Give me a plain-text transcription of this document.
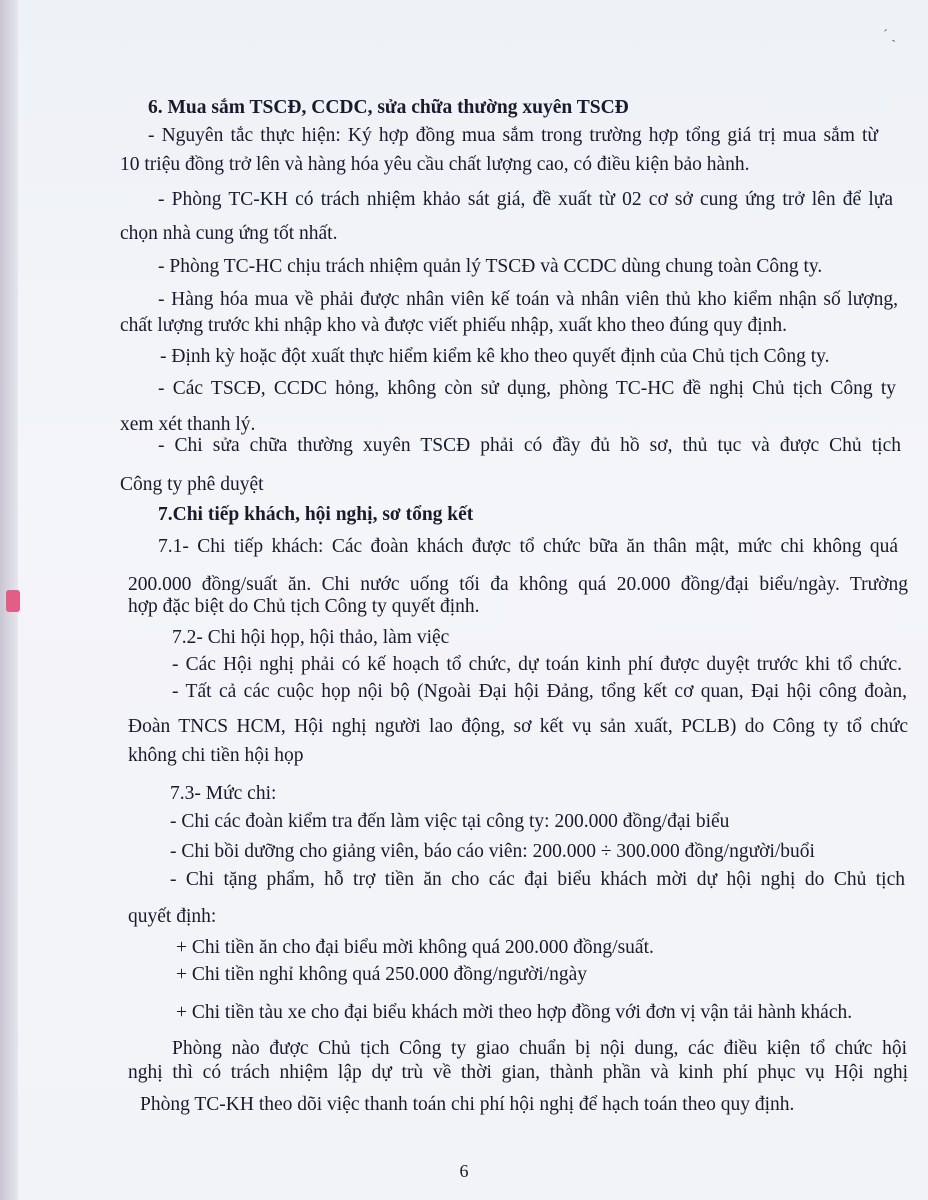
ˊ ˎ

6. Mua sắm TSCĐ, CCDC, sửa chữa thường xuyên TSCĐ

- Nguyên tắc thực hiện: Ký hợp đồng mua sắm trong trường hợp tổng giá trị mua sắm từ

10 triệu đồng trở lên và hàng hóa yêu cầu chất lượng cao, có điều kiện bảo hành.

- Phòng TC-KH có trách nhiệm khảo sát giá, đề xuất từ 02 cơ sở cung ứng trở lên để lựa

chọn nhà cung ứng tốt nhất.

- Phòng TC-HC chịu trách nhiệm quản lý TSCĐ và CCDC dùng chung toàn Công ty.

- Hàng hóa mua về phải được nhân viên kế toán và nhân viên thủ kho kiểm nhận số lượng,

chất lượng trước khi nhập kho và được viết phiếu nhập, xuất kho theo đúng quy định.

- Định kỳ hoặc đột xuất thực hiểm kiểm kê kho theo quyết định của Chủ tịch Công ty.

- Các TSCĐ, CCDC hỏng, không còn sử dụng, phòng TC-HC đề nghị Chủ tịch Công ty

xem xét thanh lý.

- Chi sửa chữa thường xuyên TSCĐ phải có đầy đủ hồ sơ, thủ tục và được Chủ tịch

Công ty phê duyệt

7.Chi tiếp khách, hội nghị, sơ tổng kết

7.1- Chi tiếp khách: Các đoàn khách được tổ chức bữa ăn thân mật, mức chi không quá

200.000 đồng/suất ăn. Chi nước uống tối đa không quá 20.000 đồng/đại biểu/ngày. Trường

hợp đặc biệt do Chủ tịch Công ty quyết định.

7.2- Chi hội họp, hội thảo, làm việc

- Các Hội nghị phải có kế hoạch tổ chức, dự toán kinh phí được duyệt trước khi tổ chức.

- Tất cả các cuộc họp nội bộ (Ngoài Đại hội Đảng, tổng kết cơ quan, Đại hội công đoàn,

Đoàn TNCS HCM, Hội nghị người lao động, sơ kết vụ sản xuất, PCLB) do Công ty tổ chức

không chi tiền hội họp

7.3- Mức chi:

- Chi các đoàn kiểm tra đến làm việc tại công ty: 200.000 đồng/đại biểu

- Chi bồi dưỡng cho giảng viên, báo cáo viên: 200.000 ÷ 300.000 đồng/người/buổi

- Chi tặng phẩm, hỗ trợ tiền ăn cho các đại biểu khách mời dự hội nghị do Chủ tịch

quyết định:

+ Chi tiền ăn cho đại biểu mời không quá 200.000 đồng/suất.

+ Chi tiền nghỉ không quá 250.000 đồng/người/ngày

+ Chi tiền tàu xe cho đại biểu khách mời theo hợp đồng với đơn vị vận tải hành khách.

Phòng nào được Chủ tịch Công ty giao chuẩn bị nội dung, các điều kiện tổ chức hội

nghị thì có trách nhiệm lập dự trù về thời gian, thành phần và kinh phí phục vụ Hội nghị

Phòng TC-KH theo dõi việc thanh toán chi phí hội nghị để hạch toán theo quy định.

6
